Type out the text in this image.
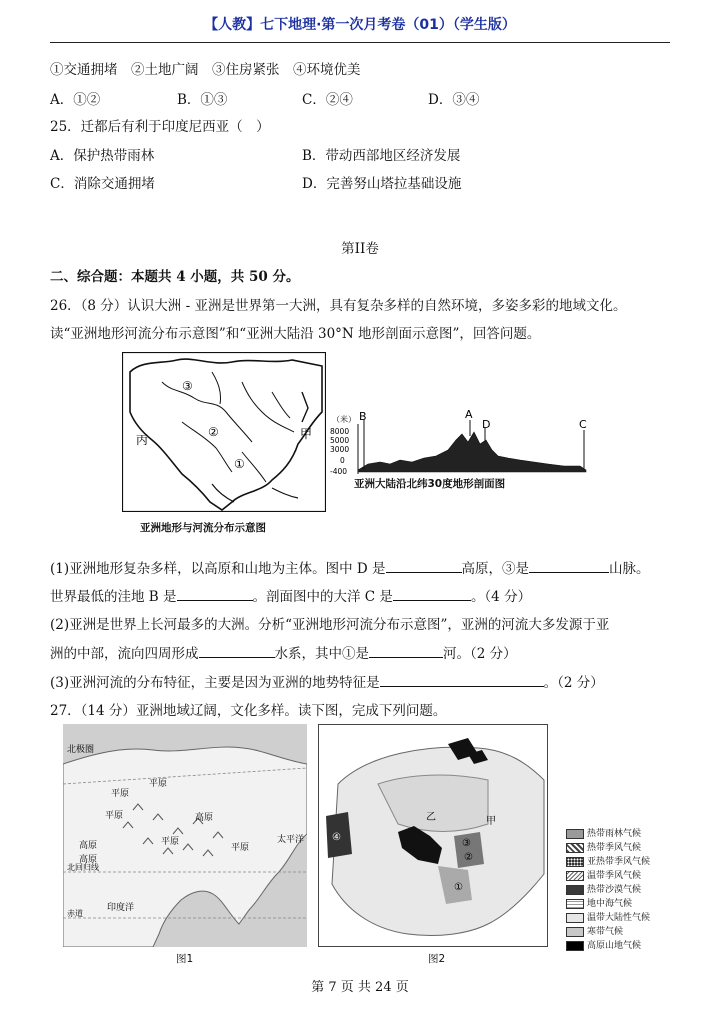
【人教】七下地理·第一次月考卷（01）（学生版）
①交通拥堵　②土地广阔　③住房紧张　④环境优美
A．①②	B．①③	C．②④	D．③④
25．迁都后有利于印度尼西亚（　）
A．保护热带雨林	B．带动西部地区经济发展
C．消除交通拥堵	D．完善努山塔拉基础设施
第II卷
二、综合题：本题共 4 小题，共 50 分。
26．（8 分）认识大洲 - 亚洲是世界第一大洲，具有复杂多样的自然环境，多姿多彩的地域文化。
读“亚洲地形河流分布示意图”和“亚洲大陆沿 30°N 地形剖面示意图”，回答问题。
③
②
①
丙	甲
亚洲地形与河流分布示意图
（米）
8000
5000
3000
0
-400
B	A
D	C
亚洲大陆沿北纬30度地形剖面图
(1)亚洲地形复杂多样，以高原和山地为主体。图中 D 是	高原，③是	山脉。
世界最低的洼地 B 是	。剖面图中的大洋 C 是	。（4 分）
(2)亚洲是世界上长河最多的大洲。分析“亚洲地形河流分布示意图”，亚洲的河流大多发源于亚
洲的中部，流向四周形成	水系，其中①是	河。（2 分）
(3)亚洲河流的分布特征，主要是因为亚洲的地势特征是	。（2 分）
27．（14 分）亚洲地域辽阔，文化多样。读下图，完成下列问题。
北极圈
平原
平原
平原	高原
高原
高原
平原
平原
太平洋
北回归线
赤道
印度洋
图1
乙	甲
①
②
③
④
图2
热带雨林气候
热带季风气候
亚热带季风气候
温带季风气候
热带沙漠气候
地中海气候
温带大陆性气候
寒带气候
高原山地气候
第 7 页 共 24 页
